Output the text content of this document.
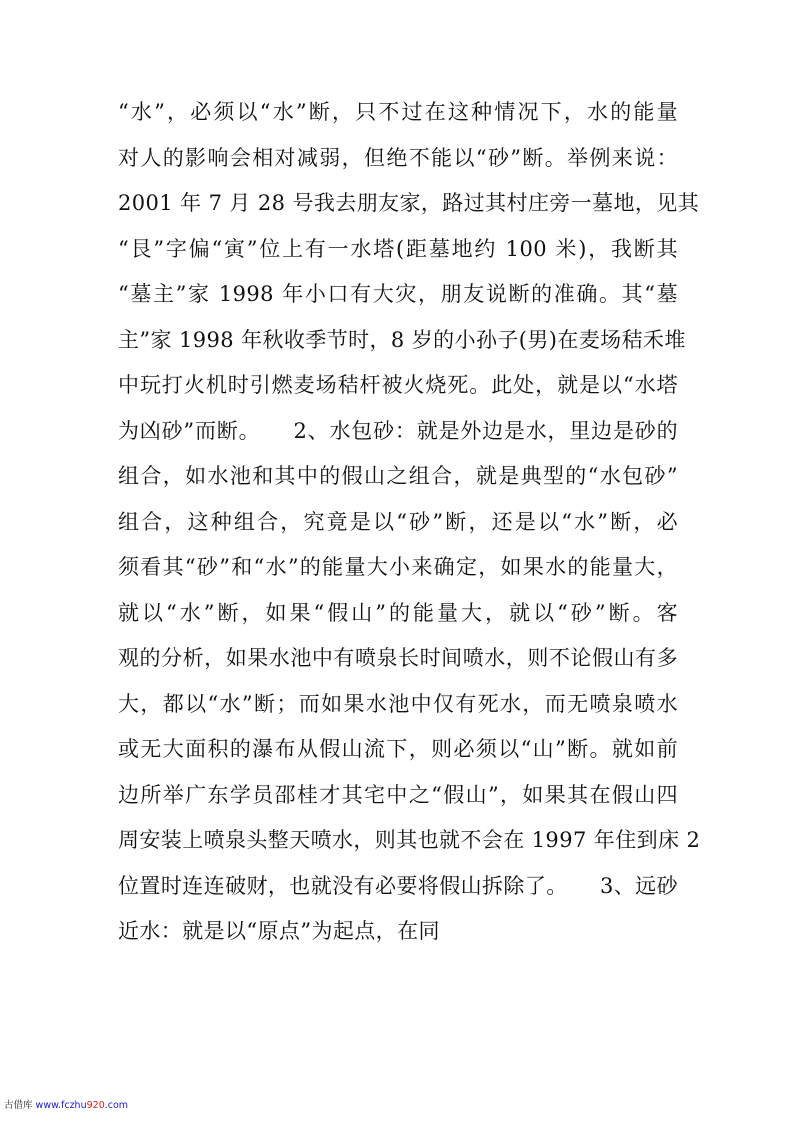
“水”，必须以“水”断，只不过在这种情况下，水的能量
对人的影响会相对减弱，但绝不能以“砂”断。举例来说：
2001 年 7 月 28 号我去朋友家，路过其村庄旁一墓地，见其
“艮”字偏“寅”位上有一水塔(距墓地约 100 米)，我断其
“墓主”家 1998 年小口有大灾，朋友说断的准确。其“墓
主”家 1998 年秋收季节时，8 岁的小孙子(男)在麦场秸禾堆
中玩打火机时引燃麦场秸杆被火烧死。此处，就是以“水塔
为凶砂”而断。　　2、水包砂：就是外边是水，里边是砂的
组合，如水池和其中的假山之组合，就是典型的“水包砂”
组合，这种组合，究竟是以“砂”断，还是以“水”断，必
须看其“砂”和“水”的能量大小来确定，如果水的能量大，
就以“水”断，如果“假山”的能量大，就以“砂”断。客
观的分析，如果水池中有喷泉长时间喷水，则不论假山有多
大，都以“水”断；而如果水池中仅有死水，而无喷泉喷水
或无大面积的瀑布从假山流下，则必须以“山”断。就如前
边所举广东学员邵桂才其宅中之“假山”，如果其在假山四
周安装上喷泉头整天喷水，则其也就不会在 1997 年住到床 2
位置时连连破财，也就没有必要将假山拆除了。　　3、远砂
近水：就是以“原点”为起点，在同
古借库 www.fczhu920.com
